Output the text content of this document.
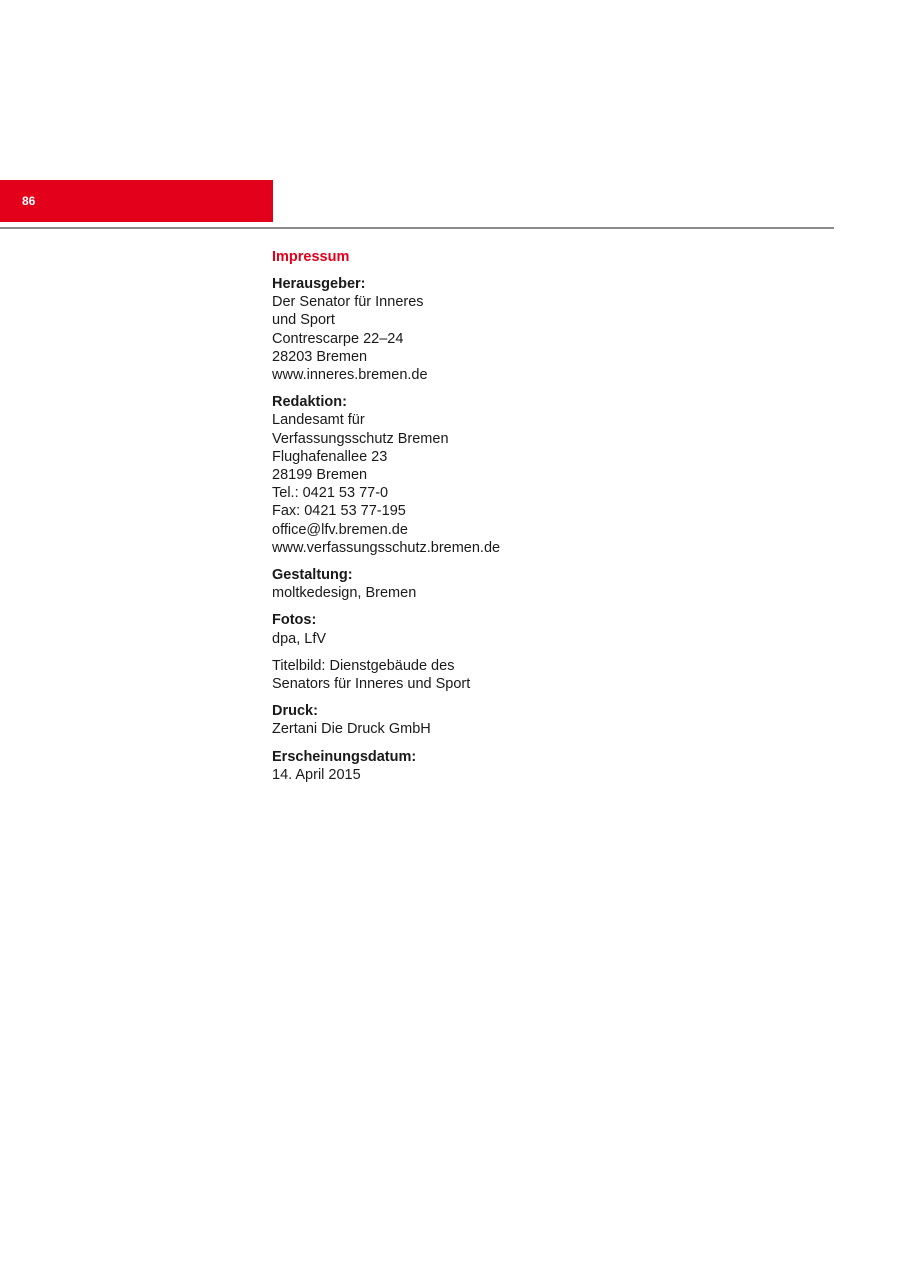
86
Impressum
Herausgeber:
Der Senator für Inneres
und Sport
Contrescarpe 22–24
28203 Bremen
www.inneres.bremen.de
Redaktion:
Landesamt für
Verfassungsschutz Bremen
Flughafenallee 23
28199 Bremen
Tel.: 0421 53 77-0
Fax: 0421 53 77-195
office@lfv.bremen.de
www.verfassungsschutz.bremen.de
Gestaltung:
moltkedesign, Bremen
Fotos:
dpa, LfV
Titelbild: Dienstgebäude des
Senators für Inneres und Sport
Druck:
Zertani Die Druck GmbH
Erscheinungsdatum:
14. April 2015
